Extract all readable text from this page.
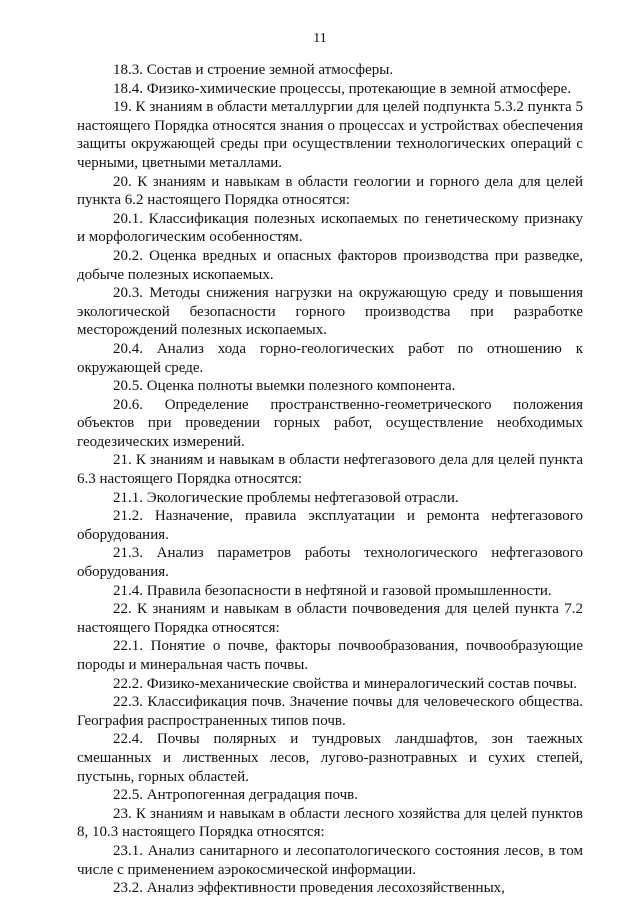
11

18.3. Состав и строение земной атмосферы.

18.4. Физико-химические процессы, протекающие в земной атмосфере.

19. К знаниям в области металлургии для целей подпункта 5.3.2 пункта 5 настоящего Порядка относятся знания о процессах и устройствах обеспечения защиты окружающей среды при осуществлении технологических операций с черными, цветными металлами.

20. К знаниям и навыкам в области геологии и горного дела для целей пункта 6.2 настоящего Порядка относятся:

20.1. Классификация полезных ископаемых по генетическому признаку и морфологическим особенностям.

20.2. Оценка вредных и опасных факторов производства при разведке, добыче полезных ископаемых.

20.3. Методы снижения нагрузки на окружающую среду и повышения экологической безопасности горного производства при разработке месторождений полезных ископаемых.

20.4. Анализ хода горно-геологических работ по отношению к окружающей среде.

20.5. Оценка полноты выемки полезного компонента.

20.6. Определение пространственно-геометрического положения объектов при проведении горных работ, осуществление необходимых геодезических измерений.

21. К знаниям и навыкам в области нефтегазового дела для целей пункта 6.3 настоящего Порядка относятся:

21.1. Экологические проблемы нефтегазовой отрасли.

21.2. Назначение, правила эксплуатации и ремонта нефтегазового оборудования.

21.3. Анализ параметров работы технологического нефтегазового оборудования.

21.4. Правила безопасности в нефтяной и газовой промышленности.

22. К знаниям и навыкам в области почвоведения для целей пункта 7.2 настоящего Порядка относятся:

22.1. Понятие о почве, факторы почвообразования, почвообразующие породы и минеральная часть почвы.

22.2. Физико-механические свойства и минералогический состав почвы.

22.3. Классификация почв. Значение почвы для человеческого общества. География распространенных типов почв.

22.4. Почвы полярных и тундровых ландшафтов, зон таежных смешанных и лиственных лесов, лугово-разнотравных и сухих степей, пустынь, горных областей.

22.5. Антропогенная деградация почв.

23. К знаниям и навыкам в области лесного хозяйства для целей пунктов 8, 10.3 настоящего Порядка относятся:

23.1. Анализ санитарного и лесопатологического состояния лесов, в том числе с применением аэрокосмической информации.

23.2. Анализ эффективности проведения лесохозяйственных,
